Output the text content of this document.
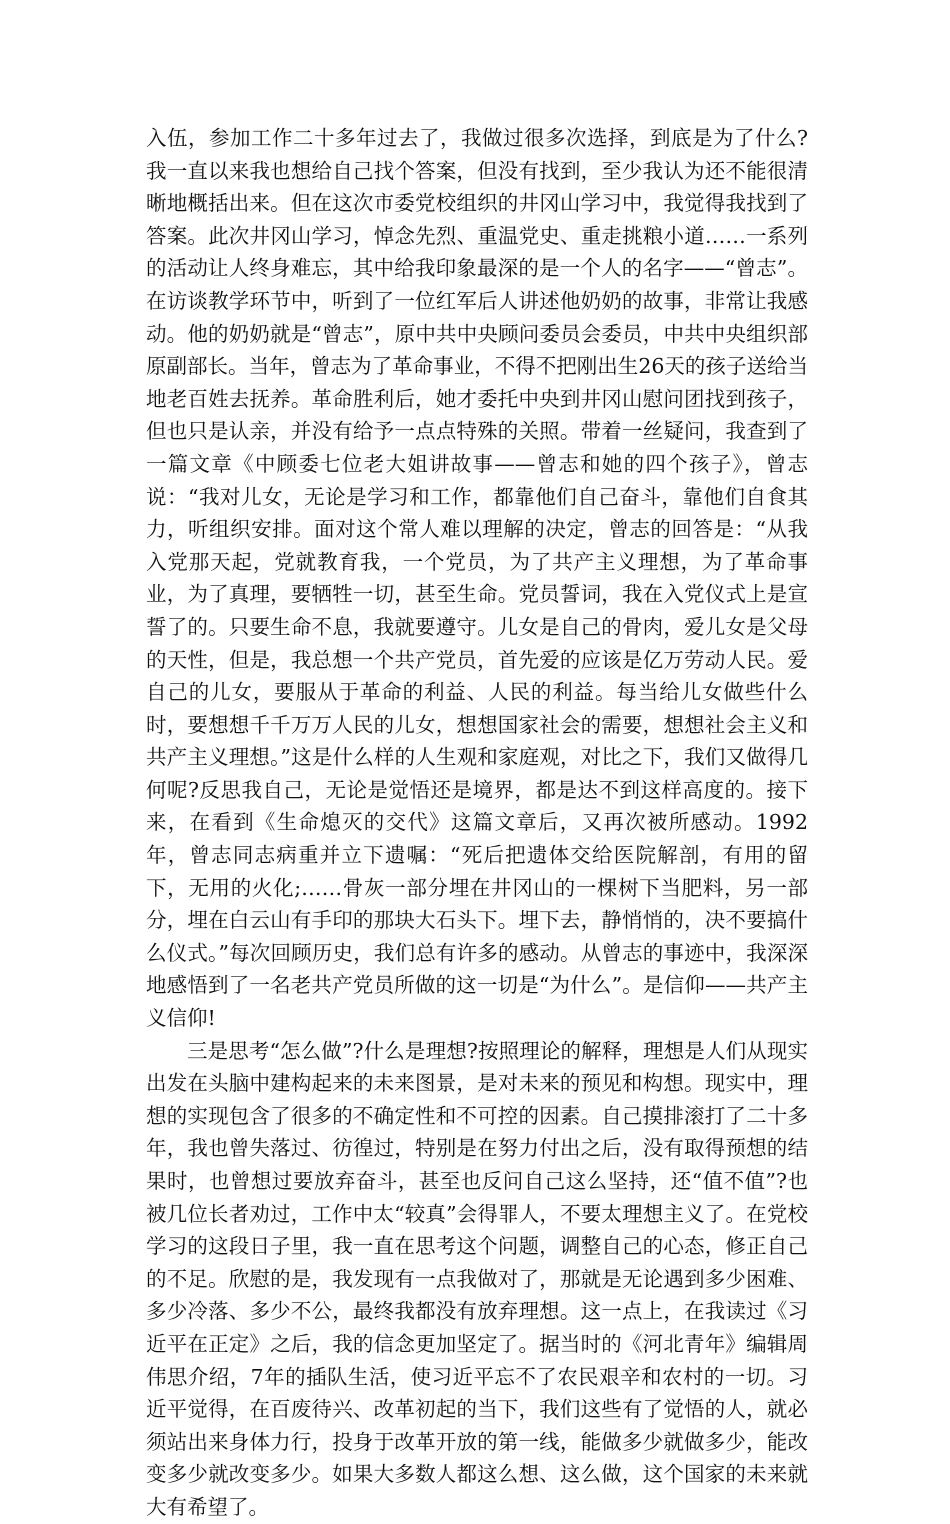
入伍，参加工作二十多年过去了，我做过很多次选择，到底是为了什么?我一直以来我也想给自己找个答案，但没有找到，至少我认为还不能很清晰地概括出来。但在这次市委党校组织的井冈山学习中，我觉得我找到了答案。此次井冈山学习，悼念先烈、重温党史、重走挑粮小道……一系列的活动让人终身难忘，其中给我印象最深的是一个人的名字——“曾志”。在访谈教学环节中，听到了一位红军后人讲述他奶奶的故事，非常让我感动。他的奶奶就是“曾志”，原中共中央顾问委员会委员，中共中央组织部原副部长。当年，曾志为了革命事业，不得不把刚出生26天的孩子送给当地老百姓去抚养。革命胜利后，她才委托中央到井冈山慰问团找到孩子，但也只是认亲，并没有给予一点点特殊的关照。带着一丝疑问，我查到了一篇文章《中顾委七位老大姐讲故事——曾志和她的四个孩子》，曾志说：“我对儿女，无论是学习和工作，都靠他们自己奋斗，靠他们自食其力，听组织安排。面对这个常人难以理解的决定，曾志的回答是：“从我入党那天起，党就教育我，一个党员，为了共产主义理想，为了革命事业，为了真理，要牺牲一切，甚至生命。党员誓词，我在入党仪式上是宣誓了的。只要生命不息，我就要遵守。儿女是自己的骨肉，爱儿女是父母的天性，但是，我总想一个共产党员，首先爱的应该是亿万劳动人民。爱自己的儿女，要服从于革命的利益、人民的利益。每当给儿女做些什么时，要想想千千万万人民的儿女，想想国家社会的需要，想想社会主义和共产主义理想。”这是什么样的人生观和家庭观，对比之下，我们又做得几何呢?反思我自己，无论是觉悟还是境界，都是达不到这样高度的。接下来，在看到《生命熄灭的交代》这篇文章后，又再次被所感动。1992年，曾志同志病重并立下遗嘱：“死后把遗体交给医院解剖，有用的留下，无用的火化;……骨灰一部分埋在井冈山的一棵树下当肥料，另一部分，埋在白云山有手印的那块大石头下。埋下去，静悄悄的，决不要搞什么仪式。”每次回顾历史，我们总有许多的感动。从曾志的事迹中，我深深地感悟到了一名老共产党员所做的这一切是“为什么”。是信仰——共产主义信仰!

三是思考“怎么做”?什么是理想?按照理论的解释，理想是人们从现实出发在头脑中建构起来的未来图景，是对未来的预见和构想。现实中，理想的实现包含了很多的不确定性和不可控的因素。自己摸排滚打了二十多年，我也曾失落过、彷徨过，特别是在努力付出之后，没有取得预想的结果时，也曾想过要放弃奋斗，甚至也反问自己这么坚持，还“值不值”?也被几位长者劝过，工作中太“较真”会得罪人，不要太理想主义了。在党校学习的这段日子里，我一直在思考这个问题，调整自己的心态，修正自己的不足。欣慰的是，我发现有一点我做对了，那就是无论遇到多少困难、多少冷落、多少不公，最终我都没有放弃理想。这一点上，在我读过《习近平在正定》之后，我的信念更加坚定了。据当时的《河北青年》编辑周伟思介绍，7年的插队生活，使习近平忘不了农民艰辛和农村的一切。习近平觉得，在百废待兴、改革初起的当下，我们这些有了觉悟的人，就必须站出来身体力行，投身于改革开放的第一线，能做多少就做多少，能改变多少就改变多少。如果大多数人都这么想、这么做，这个国家的未来就大有希望了。
